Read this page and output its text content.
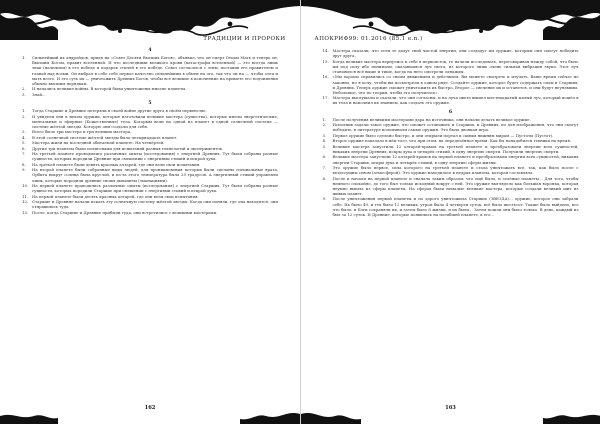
ТРАДИЦИИ И ПРОРОКИ
4
1.	Сильнейший их андройдов, придя на «Совет Десяти Высших Богов», объявил, что он смерт Отцам Мать и теперь он, Высшим Богом, правит вселенной. И что последними великого крови (катастрофы вселенной) — это всегда лишь знак (наличием) в его победе и подарок стилей в его победе. Совет согласился с этим, поставив его правителем и главой над всеми. Он выбрал в себе себе первое качество сильнейшим в обмен на это, так что он на — чтобы отец и мать всего. И это суть их — уничтожить Древних Богов, чтобы все великие в исполнение на примете его подчинения обычно высшим порядкам.
2.	И начались великие войны. В которой были уничтожены многие планеты.
3.	Знай...
5
1.	Тогда Старшие и Древние потеряли в своей войне другие друга в своём первенстве.
2.	И увидели они в неком оружии, которые изготовили великие мастера (существа), которые имели энергетические, ментальные и эфирные (Божественные) тела. Которым вели на одной из планет в одной солнечной системе — системе жёлтой звезды. Которую они создали для себя.
3.	Всего было три мастера и три великих мастера.
4.	В этой солнечной системе жёлтой звезды было четырнадцать планет.
5.	Мастера жили на последней обитаемой планете. На четвёртой.
6.	Другие три планеты были полигонами для испытаний разных технологий и экспериментов.
7.	На третьей планете проводились различные опыты (исследования) с энергией Древних. Тут были собраны разные сущности, которых породили Древние при смешении с энергиями стихий и искрой духа.
8.	На третьей планете были девять красных алтарей, где они вели свои испытания.
9.	На второй планете были собранные виды людей, для проникновения которых были сделаны специальные врата. Орбита вокруг солнца была круглой, и из-за этого температура была 25 градусов. А энергичный стихий управляли лишь, которые породили древние своим дыханием (эманациями).
10. На первой планете проводились различные опыты (исследования) с энергией Старших. Тут были собраны разные сущности, которых породили Старшие при смешении с энергиями стихий и искрой духа.
11. На первой планете были десять красных алтарей, где они вели свои испытания.
12. Старшие и Древние начали искать эту солнечную систему жёлтой звезды. Когда они поняли, где она находится, они отправились туда.
13. После, когда Старшие и Древние прибыли туда, они встретились с великими мастерами.
162
АПОКРИФ99: 01.2016 (85.1 e.n.)
14. Мастера сказали, что если те дадут свой чистой энергии, они создадут им оружие, которым они смогут победить друг друга.
15. Когда великие мастера вернулись к себе в первоисток, те начали исследовать, переговаривая между собой, что было им под силу ибо понимали, оказавшаяся луч света, из которого лишь очень сильная вибрация звука. Этот луч становился всё выше и тише, когда на него смотрели однажды.
16. «Мы хорошо справились со своим движением и действием. Вы можете смотреть и изучать. Ваше время сейчас не законно, но я хочу, чтобы вы посмотрели в одном ряде. Создайте оружие, которое будет содержать силы и Старших, и Древних. Теперь оружие сможет уничтожить их быстро. Второе — свечение их и останется, и они будут неуязвимы. Небольшое, что по теории, чтобы это получилось».
17. Мастера выслушали и сказали, что они согласны, и на луча цвета вышел шестнадцатый малый луч, который вошёл в их тела и наполнил их знанием, как создать это оружие.
6
1.	После получения великими мастерами дара на источника, они начали делать великое оружие.
2.	Исполнив задачи такое оружие, что сможет остановить и Старших, и Древних, но для изображения, что они смогут победить, в литературе вспоминали самые оружия. Это была двоякая игра.
3.	Первое оружие было сделано быстро, и они открыли портал к самым нижним мирам — Пустоты (Пустот).
4.	Второе оружие показало в нём того, что при этом, на определённое время. Как бы понадобился техника на время.
5.	Великие мастера запустили 12 алтарей-храмов на третьей планете и преобразовали энергии всех сущностей, никаких энергии Древних, искры духа и четырёх стихий, в одну энергию смерти. Получили энергию смерти.
6.	Великие мастера запустили 12 алтарей-храмов на первой планете и преобразовали энергии всех сущностей, никаких энергии Старших, искры духа и четырёх стихий, в одну энергию сферы жизни.
7.	Это оружие было первое, сила которого на третьей планете и стала уничтожать всё, так, как было после с вездесущим севом (атмосферой). Это оружие находилось в недрах планеты, которая составляла.
8.	После и начали на первой планете и сначала таким образом, что ещё было, и зелёные планеты... Для того, чтобы немного спокойно, до того был только исходный вокруг с ней. Это оружие выглядело как большая воронка, которая неумно вышла из сферы планеты. На сферах были немалые великие мастера, которые создали великий щит из живых планет.
9.	После уничтожения первой планеты и по дороге уничтожила Старшие (ЗВЕЗДА)… оружие, которое они забрали себе. Их было 49, и тех было 12 великих, утром было 4 четверти суток, всё было шестьсот. Также было выйдено, все что было, и Боги сохраняли их, и затем было 8 жизни, и их были... Затем пошли они было только. В день, каждый из был за 12 суток. И Древние, которые появились на погибшей планете, в его...
163
